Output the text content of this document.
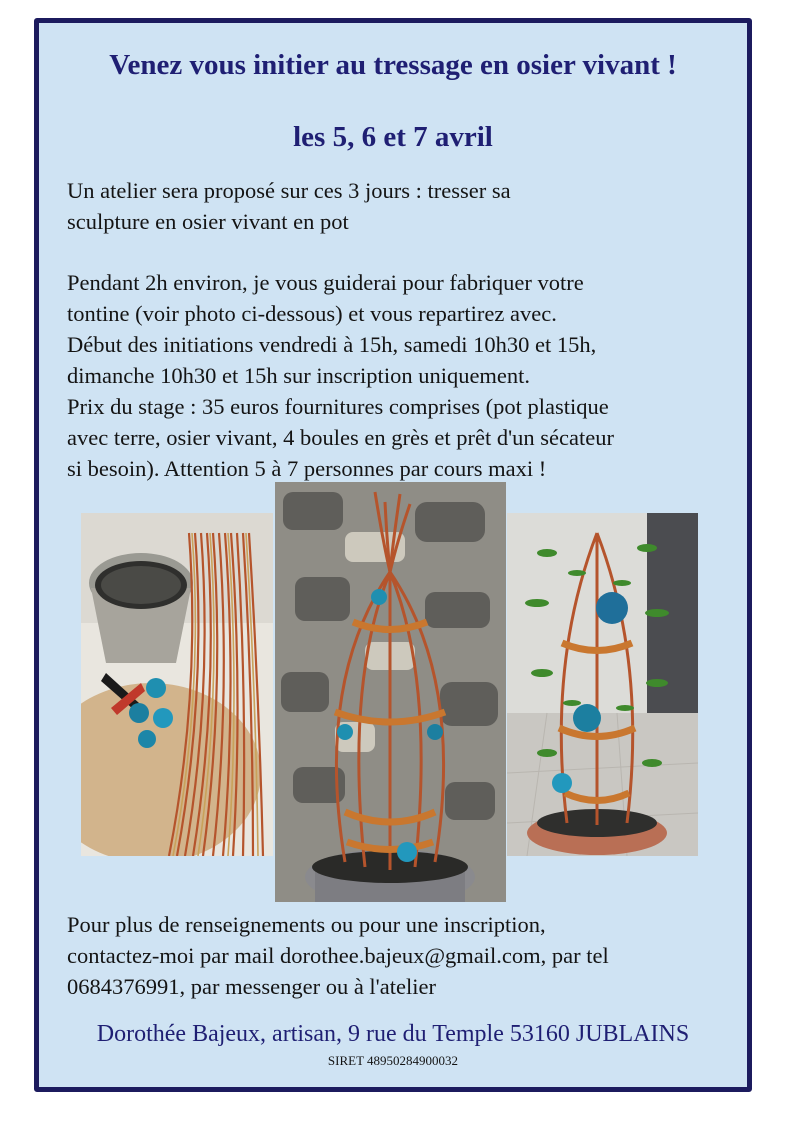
Venez vous initier au tressage en osier vivant !
les 5, 6 et 7 avril

Un atelier sera proposé sur ces 3 jours : tresser sa
sculpture en osier vivant en pot

Pendant 2h environ, je vous guiderai pour fabriquer votre
tontine (voir photo ci-dessous) et vous repartirez avec.
Début des initiations vendredi à 15h, samedi 10h30 et 15h,
dimanche 10h30 et 15h sur inscription uniquement.
Prix du stage : 35 euros fournitures comprises (pot plastique
avec terre, osier vivant, 4 boules en grès et prêt d'un sécateur
si besoin). Attention 5 à 7 personnes par cours maxi !

Pour plus de renseignements ou pour une inscription,
contactez-moi par mail dorothee.bajeux@gmail.com, par tel
0684376991, par messenger ou à l'atelier

Dorothée Bajeux, artisan, 9 rue du Temple 53160 JUBLAINS

SIRET 48950284900032
